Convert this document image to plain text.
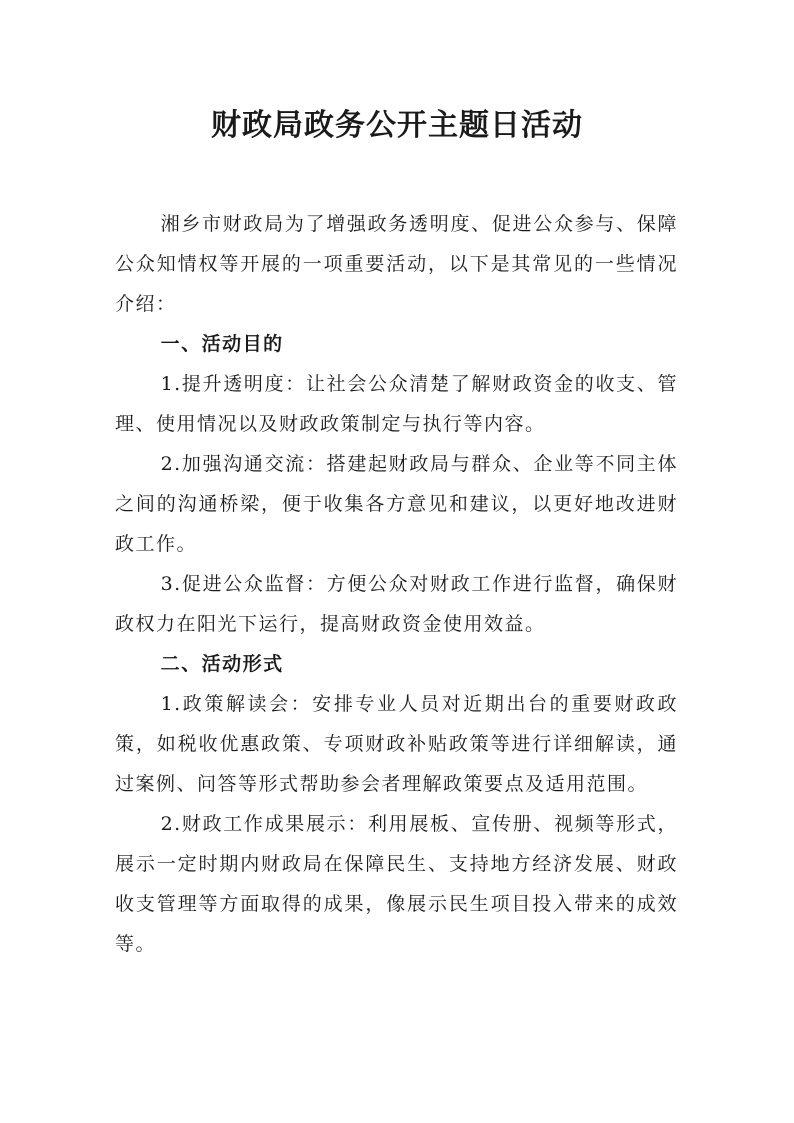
财政局政务公开主题日活动

湘乡市财政局为了增强政务透明度、促进公众参与、保障公众知情权等开展的一项重要活动，以下是其常见的一些情况介绍：

一、活动目的

1.提升透明度：让社会公众清楚了解财政资金的收支、管理、使用情况以及财政政策制定与执行等内容。

2.加强沟通交流：搭建起财政局与群众、企业等不同主体之间的沟通桥梁，便于收集各方意见和建议，以更好地改进财政工作。

3.促进公众监督：方便公众对财政工作进行监督，确保财政权力在阳光下运行，提高财政资金使用效益。

二、活动形式

1.政策解读会：安排专业人员对近期出台的重要财政政策，如税收优惠政策、专项财政补贴政策等进行详细解读，通过案例、问答等形式帮助参会者理解政策要点及适用范围。

2.财政工作成果展示：利用展板、宣传册、视频等形式，展示一定时期内财政局在保障民生、支持地方经济发展、财政收支管理等方面取得的成果，像展示民生项目投入带来的成效等。
